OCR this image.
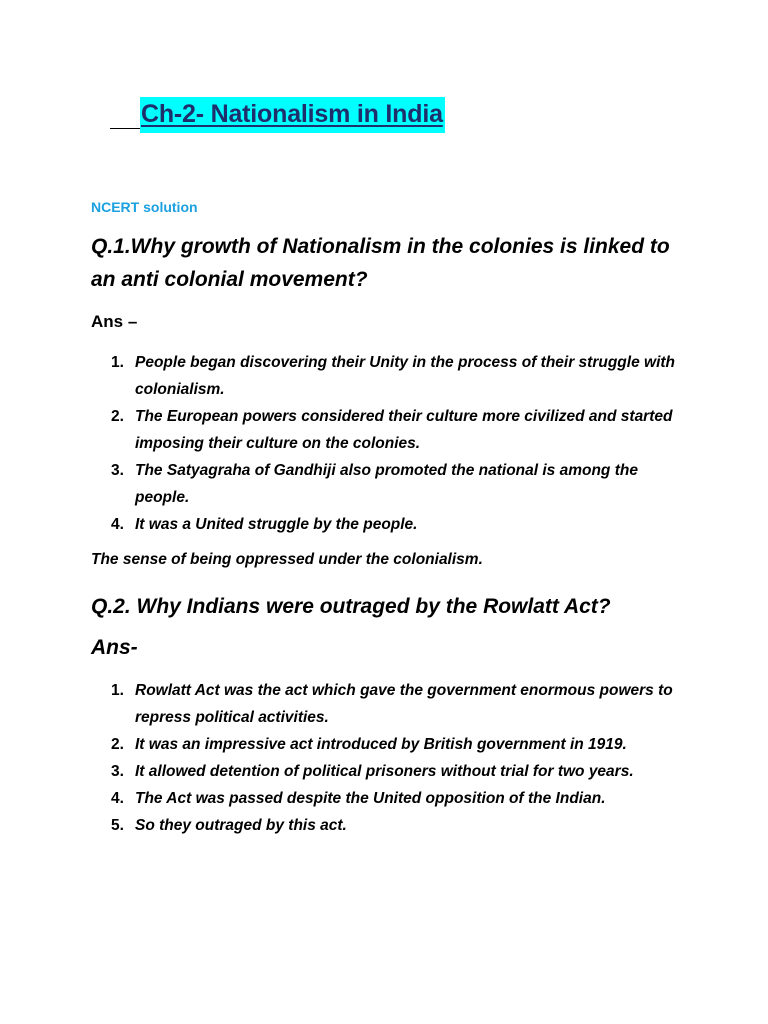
Ch-2- Nationalism in India
NCERT solution
Q.1.Why growth of Nationalism in the colonies is linked to an anti colonial movement?
Ans –
1. People began discovering their Unity in the process of their struggle with colonialism.
2. The European powers considered their culture more civilized and started imposing their culture on the colonies.
3. The Satyagraha of Gandhiji also promoted the national is among the people.
4. It was a United struggle by the people.
The sense of being oppressed under the colonialism.
Q.2. Why Indians were outraged by the Rowlatt Act?
Ans-
1. Rowlatt Act was the act which gave the government enormous powers to repress political activities.
2. It was an impressive act introduced by British government in 1919.
3. It allowed detention of political prisoners without trial for two years.
4. The Act was passed despite the United opposition of the Indian.
5. So they outraged by this act.
